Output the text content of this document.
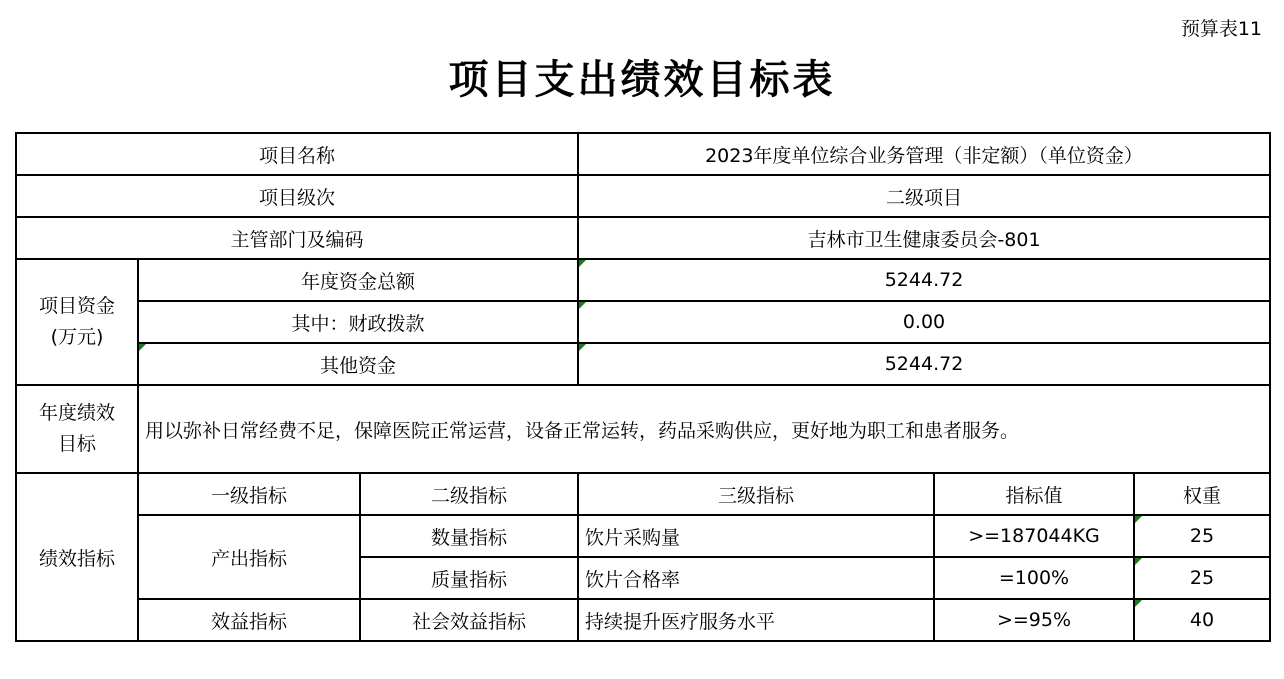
预算表11
项目支出绩效目标表
项目名称			2023年度单位综合业务管理（非定额）（单位资金）		
项目级次			二级项目		
主管部门及编码			吉林市卫生健康委员会-801		
项目资金
(万元)	年度资金总额		5244.72		
	其中：财政拨款		0.00		
	其他资金		5244.72		
年度绩效
目标	用以弥补日常经费不足，保障医院正常运营，设备正常运转，药品采购供应，更好地为职工和患者服务。				
绩效指标	一级指标	二级指标	三级指标	指标值	权重
	产出指标	数量指标	饮片采购量	>=187044KG	25
		质量指标	饮片合格率	=100%	25
	效益指标	社会效益指标	持续提升医疗服务水平	>=95%	40
